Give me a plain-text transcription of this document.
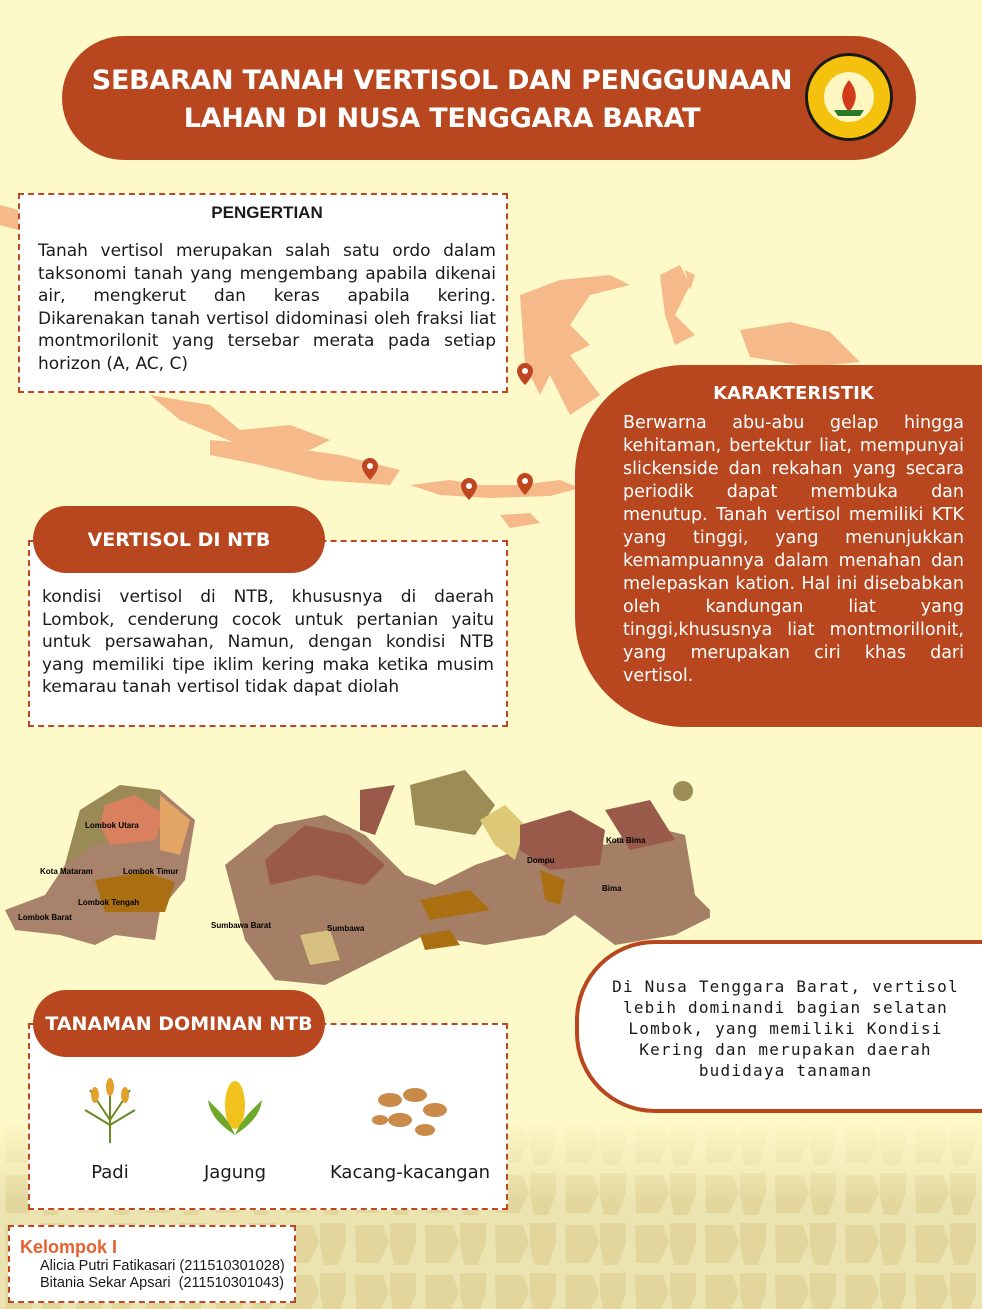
SEBARAN TANAH VERTISOL DAN PENGGUNAAN
LAHAN DI NUSA TENGGARA BARAT
PENGERTIAN

Tanah vertisol merupakan salah satu ordo dalam taksonomi tanah yang mengembang apabila dikenai air, mengkerut dan keras apabila kering. Dikarenakan tanah vertisol didominasi oleh fraksi liat montmorilonit yang tersebar merata pada setiap horizon (A, AC, C)

KARAKTERISTIK

Berwarna abu-abu gelap hingga kehitaman, bertektur liat, mempunyai slickenside dan rekahan yang secara periodik dapat membuka dan menutup. Tanah vertisol memiliki KTK yang tinggi, yang menunjukkan kemampuannya dalam menahan dan melepaskan kation. Hal ini disebabkan oleh kandungan liat yang tinggi,khususnya liat montmorillonit, yang merupakan ciri khas dari vertisol.

kondisi vertisol di NTB, khususnya di daerah Lombok, cenderung cocok untuk pertanian yaitu untuk persawahan, Namun, dengan kondisi NTB yang memiliki tipe iklim kering maka ketika musim kemarau tanah vertisol tidak dapat diolah

VERTISOL DI NTB
Lombok Utara
Kota Mataram	Lombok Timur
Lombok Tengah
Lombok Barat
Sumbawa Barat	Sumbawa
Dompu
Kota Bima
Bima
Di Nusa Tenggara Barat, vertisol lebih dominandi bagian selatan Lombok, yang memiliki Kondisi Kering dan merupakan daerah budidaya tanaman
Padi	Jagung	Kacang-kacangan
TANAMAN DOMINAN NTB
Kelompok I

Alicia Putri Fatikasari (211510301028)

Bitania Sekar Apsari  (211510301043)
